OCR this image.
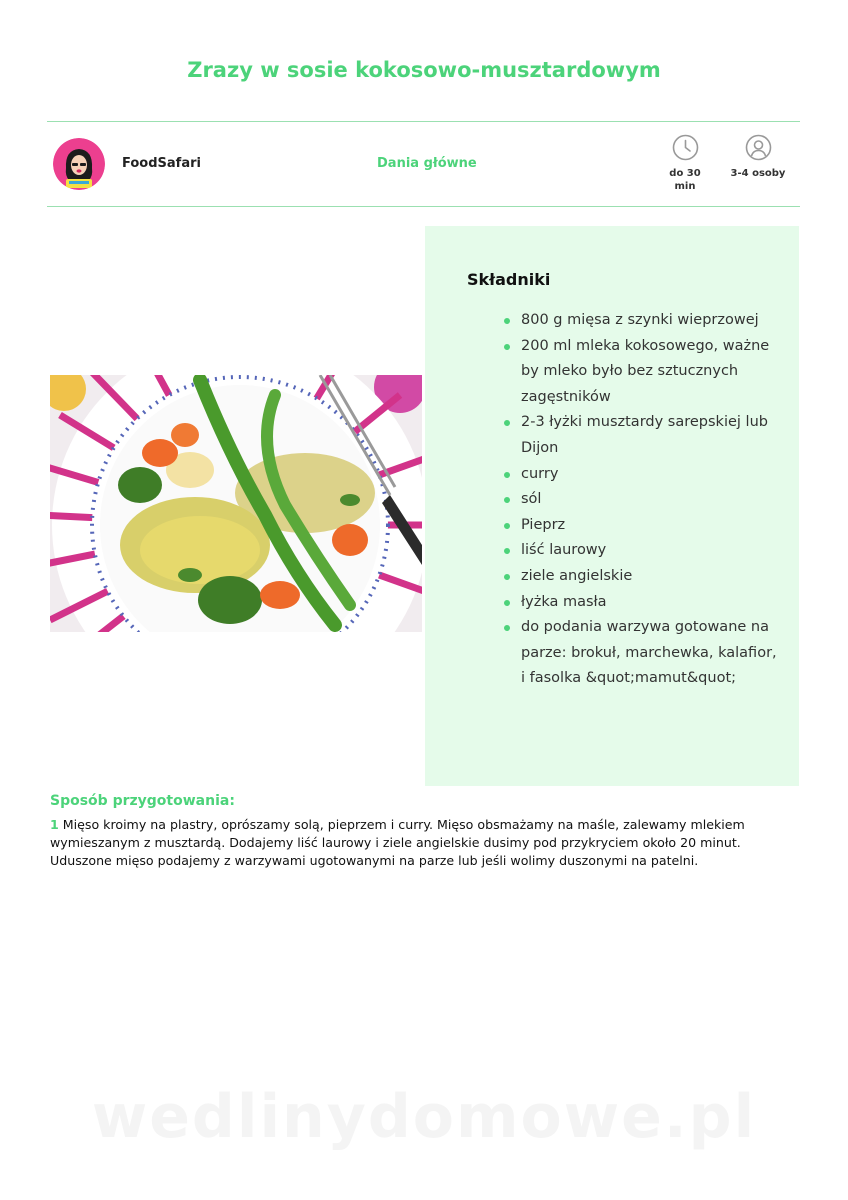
Zrazy w sosie kokosowo-musztardowym
FoodSafari	Dania główne
do 30 min
3-4 osoby
Składniki
800 g mięsa z szynki wieprzowej
200 ml mleka kokosowego, ważne by mleko było bez sztucznych zagęstników
2-3 łyżki musztardy sarepskiej lub Dijon
curry
sól
Pieprz
liść laurowy
ziele angielskie
łyżka masła
do podania warzywa gotowane na parze: brokuł, marchewka, kalafior, i fasolka &quot;mamut&quot;
Sposób przygotowania:

1 Mięso kroimy na plastry, oprószamy solą, pieprzem i curry. Mięso obsmażamy na maśle, zalewamy mlekiem wymieszanym z musztardą. Dodajemy liść laurowy i ziele angielskie dusimy pod przykryciem około 20 minut. Uduszone mięso podajemy z warzywami ugotowanymi na parze lub jeśli wolimy duszonymi na patelni.

wedlinydomowe.pl
